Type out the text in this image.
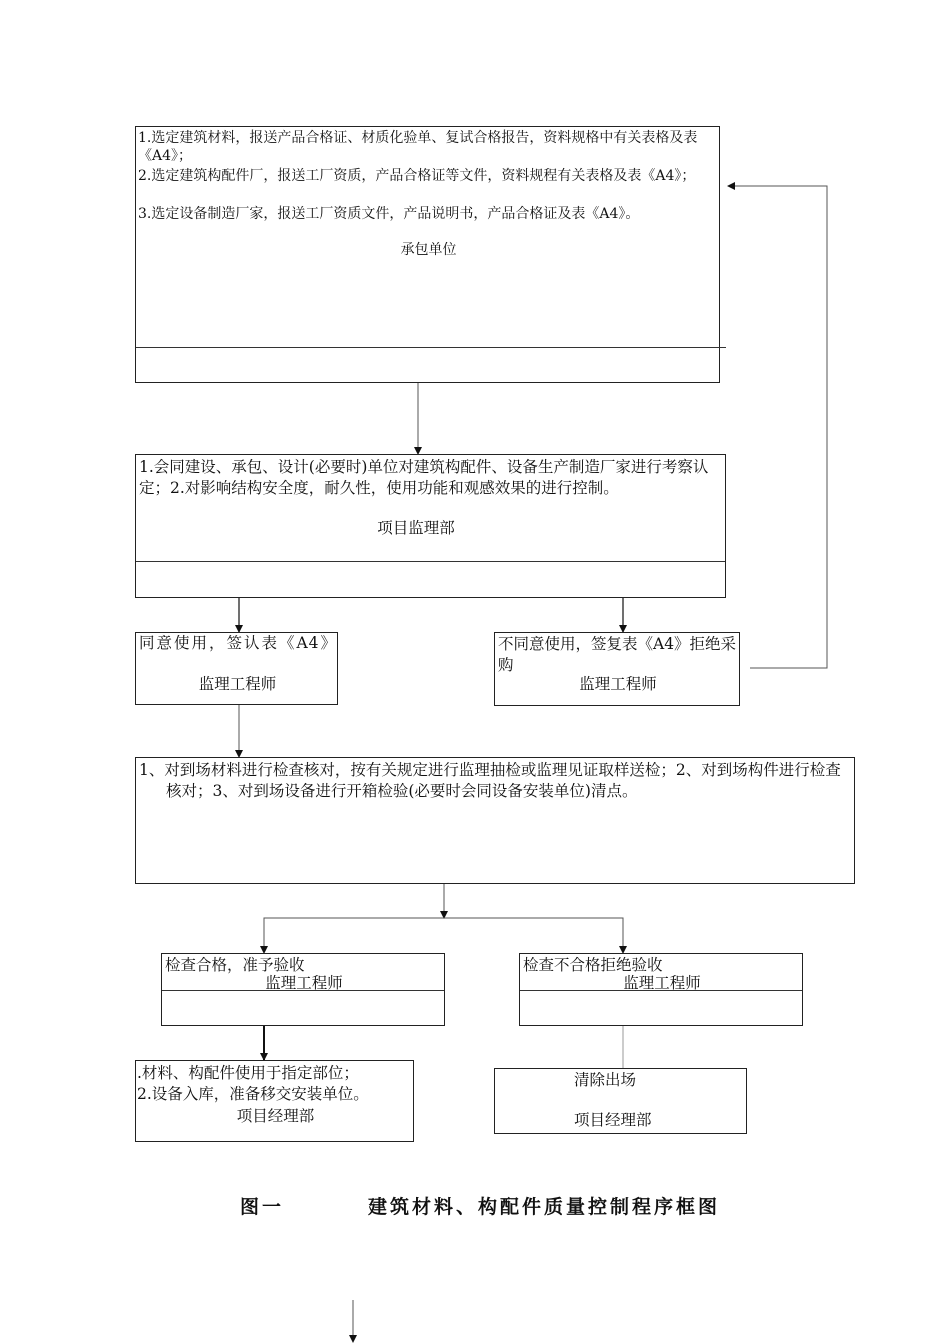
1.选定建筑材料，报送产品合格证、材质化验单、复试合格报告，资料规格中有关表格及表《A4》；
2.选定建筑构配件厂，报送工厂资质，产品合格证等文件，资料规程有关表格及表《A4》；
3.选定设备制造厂家，报送工厂资质文件，产品说明书，产品合格证及表《A4》。
承包单位
1.会同建设、承包、设计(必要时)单位对建筑构配件、设备生产制造厂家进行考察认定；2.对影响结构安全度，耐久性，使用功能和观感效果的进行控制。
项目监理部
同意使用，签认表《A4》
监理工程师
不同意使用，签复表《A4》拒绝采购
监理工程师
1、对到场材料进行检查核对，按有关规定进行监理抽检或监理见证取样送检；2、对到场构件进行检查核对；3、对到场设备进行开箱检验(必要时会同设备安装单位)清点。
检查合格，准予验收
监理工程师
检查不合格拒绝验收
监理工程师
.材料、构配件使用于指定部位；
2.设备入库，准备移交安装单位。
项目经理部
清除出场
项目经理部
图一	建筑材料、构配件质量控制程序框图
